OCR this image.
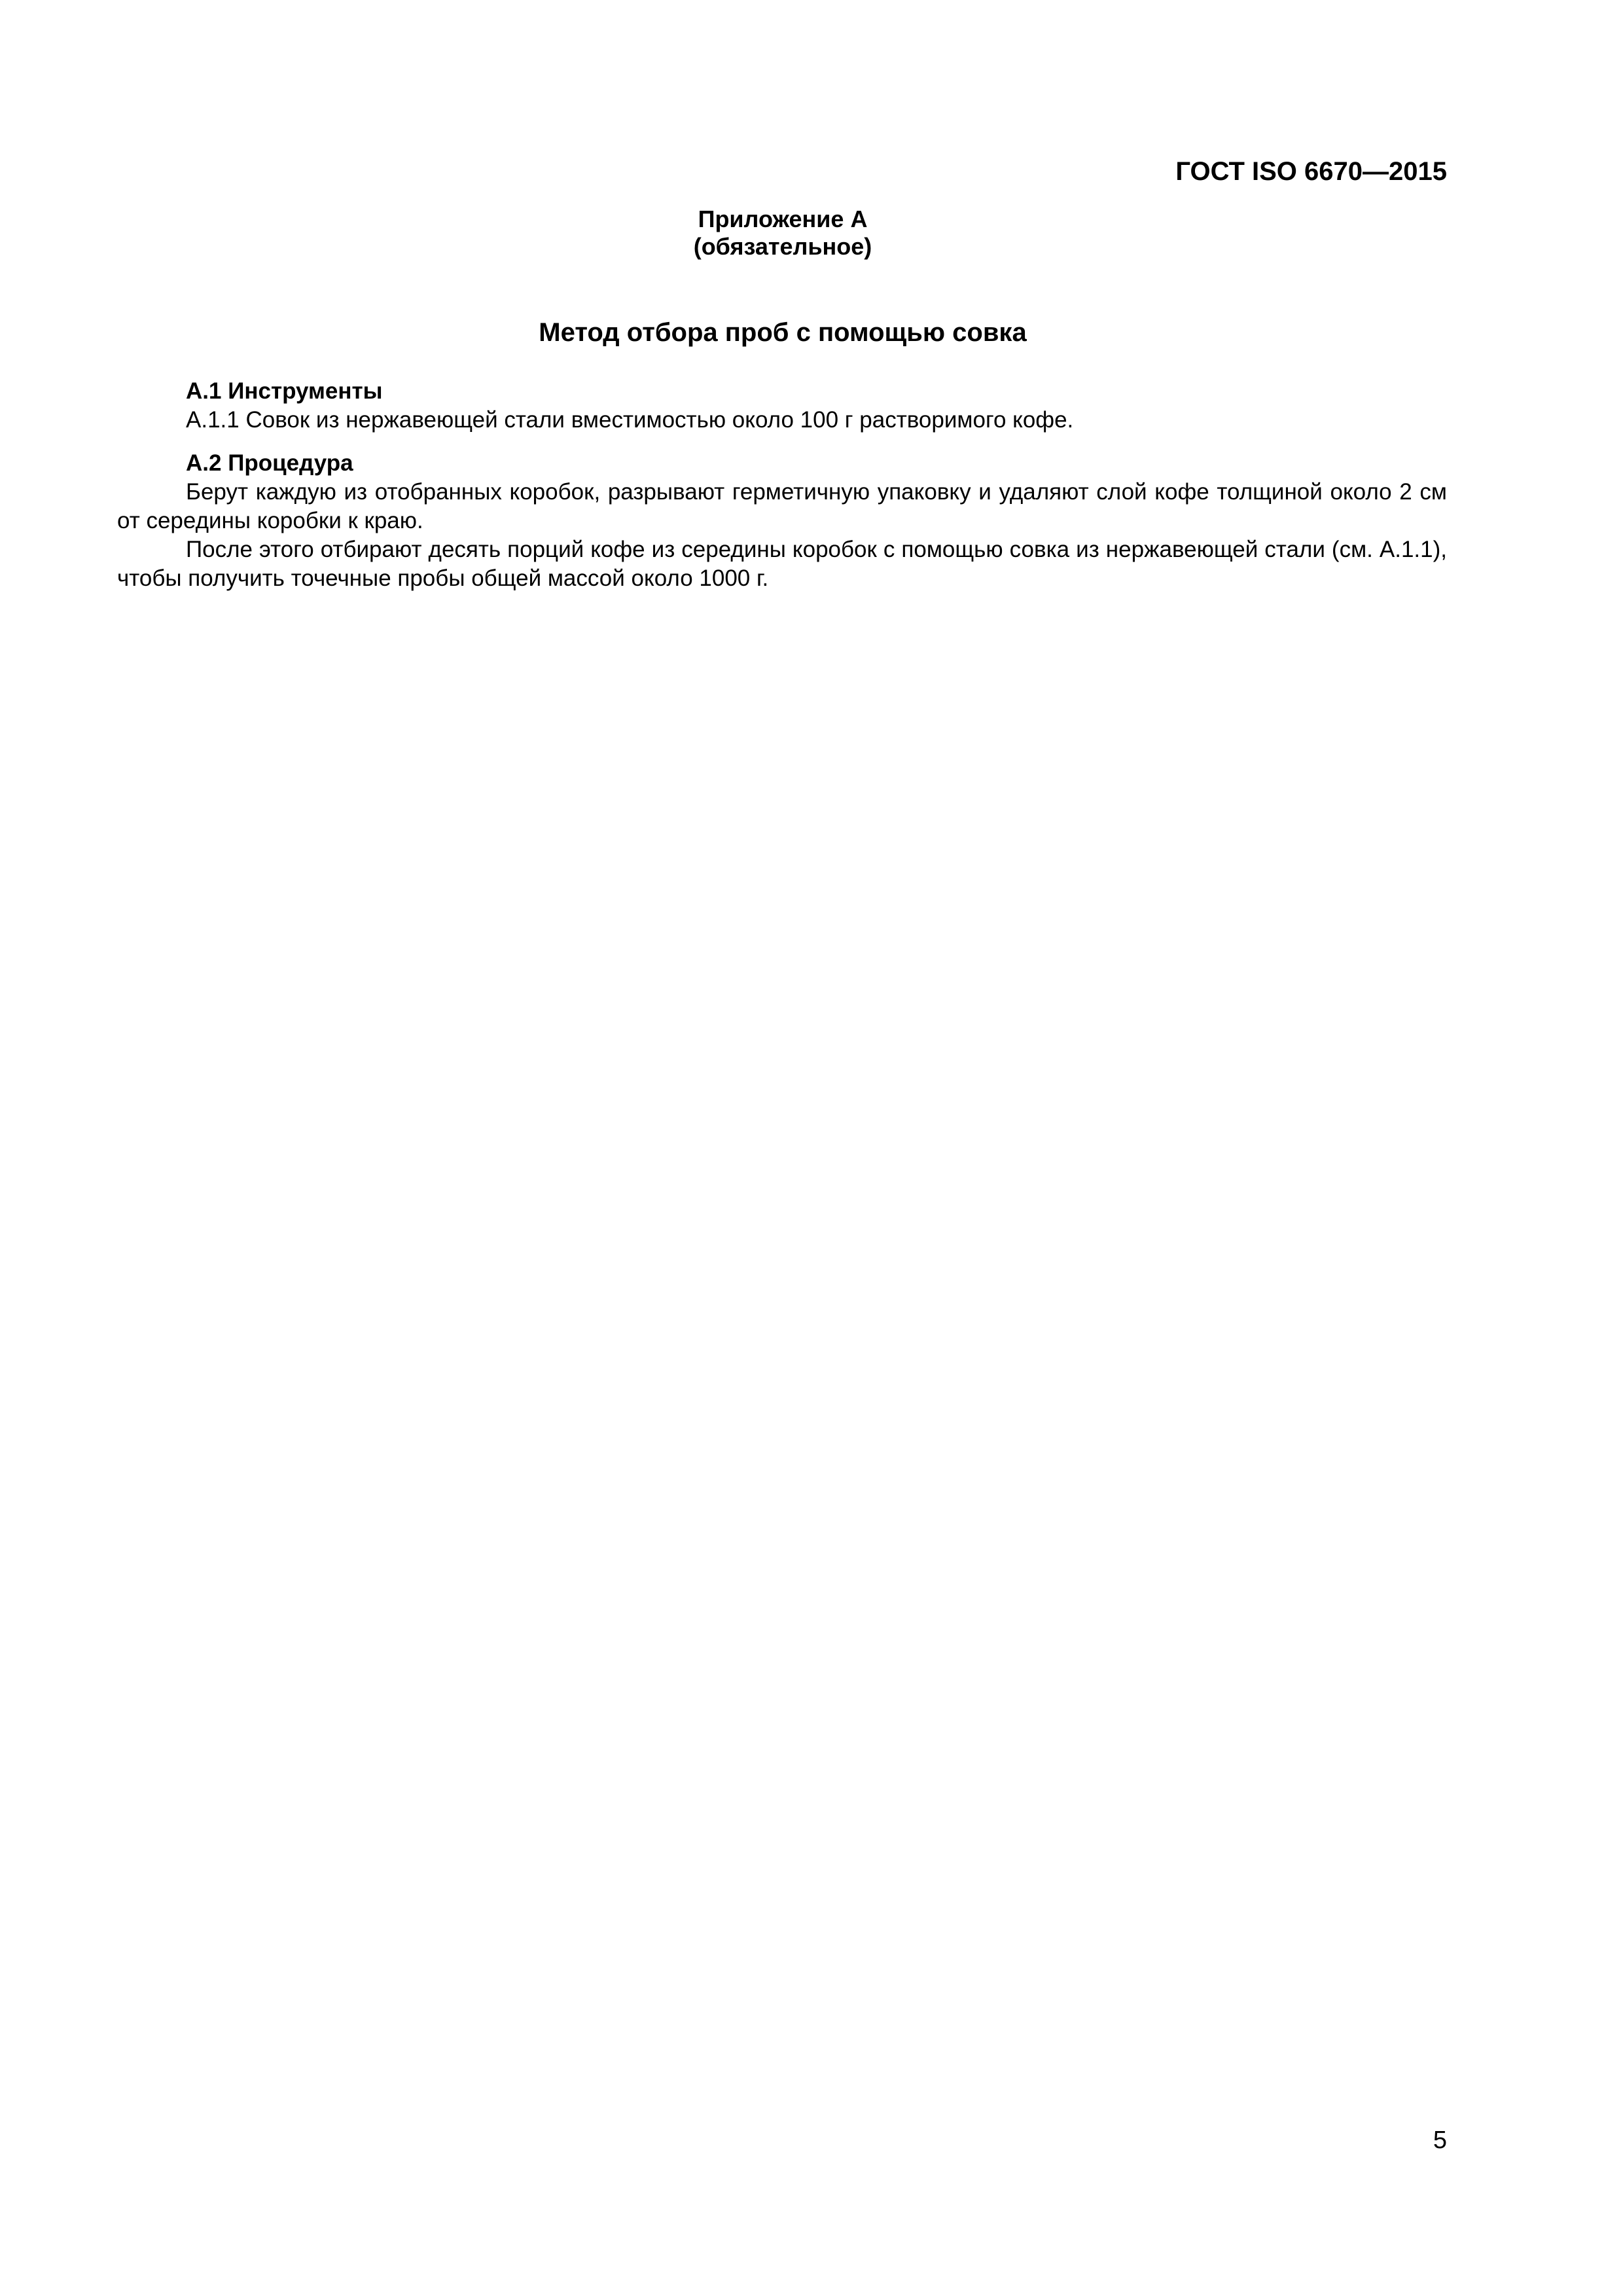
ГОСТ ISO 6670—2015
Приложение А
(обязательное)
Метод отбора проб с помощью совка

А.1 Инструменты

А.1.1 Совок из нержавеющей стали вместимостью около 100 г растворимого кофе.

А.2 Процедура

Берут каждую из отобранных коробок, разрывают герметичную упаковку и удаляют слой кофе толщиной около 2 см от середины коробки к краю.

После этого отбирают десять порций кофе из середины коробок с помощью совка из нержавеющей стали (см. А.1.1), чтобы получить точечные пробы общей массой около 1000 г.

5
